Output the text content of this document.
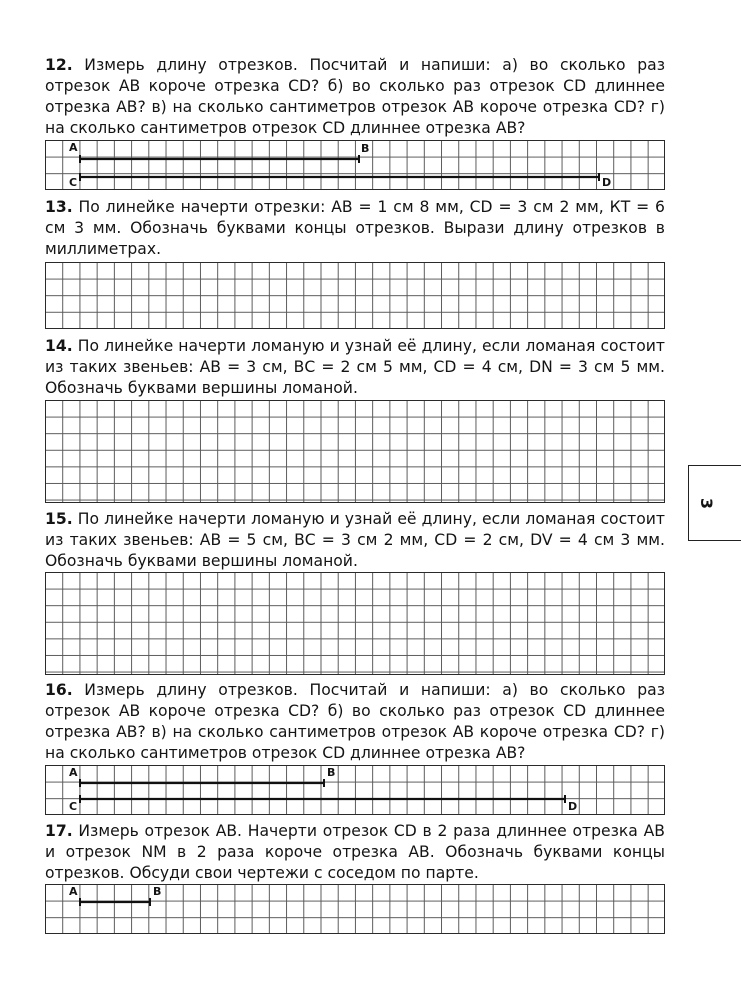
12. Измерь длину отрезков. Посчитай и напиши: а) во сколько раз отрезок АВ короче отрезка CD? б) во сколько раз отрезок CD длиннее отрезка АВ? в) на сколько сантиметров отрезок АВ короче отрезка CD? г) на сколько сантиметров отрезок CD длиннее отрезка АВ?

А	В
С	D

13. По линейке начерти отрезки: АВ = 1 см 8 мм, CD = 3 см 2 мм, КТ = 6 см 3 мм. Обозначь буквами концы отрезков. Вырази длину отрезков в миллиметрах.

14. По линейке начерти ломаную и узнай её длину, если ломаная состоит из таких звеньев: АВ = 3 см, ВС = 2 см 5 мм, CD = 4 см, DN = 3 см 5 мм. Обозначь буквами вершины ломаной.

15. По линейке начерти ломаную и узнай её длину, если ломаная состоит из таких звеньев: АВ = 5 см, ВС = 3 см 2 мм, CD = 2 см, DV = 4 см 3 мм. Обозначь буквами вершины ломаной.

16. Измерь длину отрезков. Посчитай и напиши: а) во сколько раз отрезок АВ короче отрезка CD? б) во сколько раз отрезок CD длиннее отрезка АВ? в) на сколько сантиметров отрезок АВ короче отрезка CD? г) на сколько сантиметров отрезок CD длиннее отрезка АВ?

А	В
С	D

17. Измерь отрезок АВ. Начерти отрезок CD в 2 раза длиннее отрезка АВ и отрезок NM в 2 раза короче отрезка АВ. Обозначь буквами концы отрезков. Обсуди свои чертежи с соседом по парте.

А	В
3
